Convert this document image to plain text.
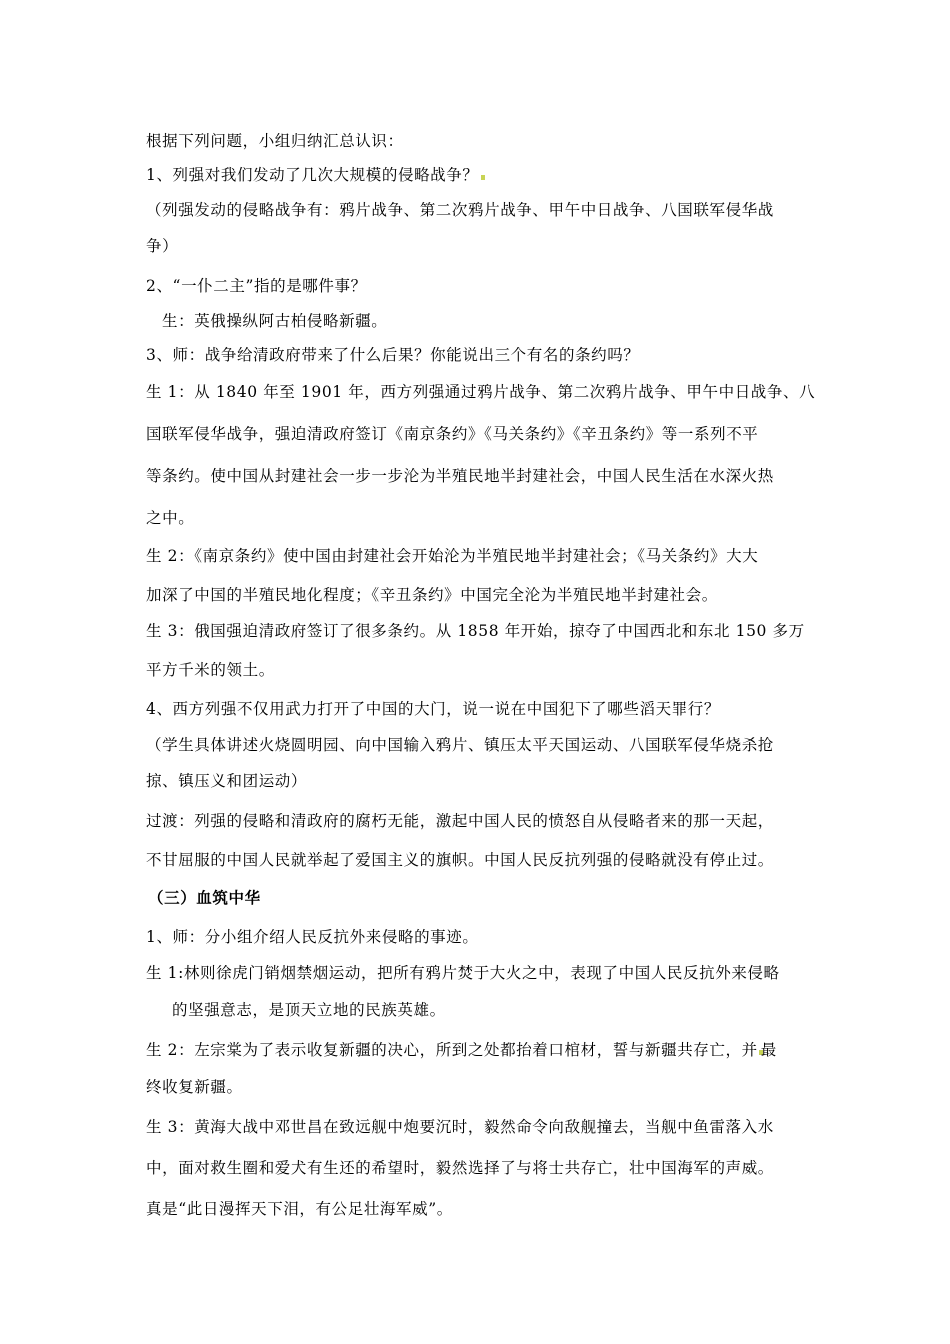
根据下列问题，小组归纳汇总认识：
1、列强对我们发动了几次大规模的侵略战争？
（列强发动的侵略战争有：鸦片战争、第二次鸦片战争、甲午中日战争、八国联军侵华战
争）
2、“一仆二主”指的是哪件事？
生：英俄操纵阿古柏侵略新疆。
3、师：战争给清政府带来了什么后果？你能说出三个有名的条约吗？
生 1：从 1840 年至 1901 年，西方列强通过鸦片战争、第二次鸦片战争、甲午中日战争、八
国联军侵华战争，强迫清政府签订《南京条约》《马关条约》《辛丑条约》等一系列不平
等条约。使中国从封建社会一步一步沦为半殖民地半封建社会，中国人民生活在水深火热
之中。
生 2：《南京条约》使中国由封建社会开始沦为半殖民地半封建社会；《马关条约》大大
加深了中国的半殖民地化程度；《辛丑条约》中国完全沦为半殖民地半封建社会。
生 3：俄国强迫清政府签订了很多条约。从 1858 年开始，掠夺了中国西北和东北 150 多万
平方千米的领土。
4、西方列强不仅用武力打开了中国的大门，说一说在中国犯下了哪些滔天罪行？
（学生具体讲述火烧圆明园、向中国输入鸦片、镇压太平天国运动、八国联军侵华烧杀抢
掠、镇压义和团运动）
过渡：列强的侵略和清政府的腐朽无能，激起中国人民的愤怒自从侵略者来的那一天起，
不甘屈服的中国人民就举起了爱国主义的旗帜。中国人民反抗列强的侵略就没有停止过。
（三）血筑中华
1、师：分小组介绍人民反抗外来侵略的事迹。
生 1:林则徐虎门销烟禁烟运动，把所有鸦片焚于大火之中，表现了中国人民反抗外来侵略
的坚强意志，是顶天立地的民族英雄。
生 2：左宗棠为了表示收复新疆的决心，所到之处都抬着口棺材，誓与新疆共存亡，并 最
终收复新疆。
生 3：黄海大战中邓世昌在致远舰中炮要沉时，毅然命令向敌舰撞去，当舰中鱼雷落入水
中，面对救生圈和爱犬有生还的希望时，毅然选择了与将士共存亡，壮中国海军的声威。
真是“此日漫挥天下泪，有公足壮海军威”。
